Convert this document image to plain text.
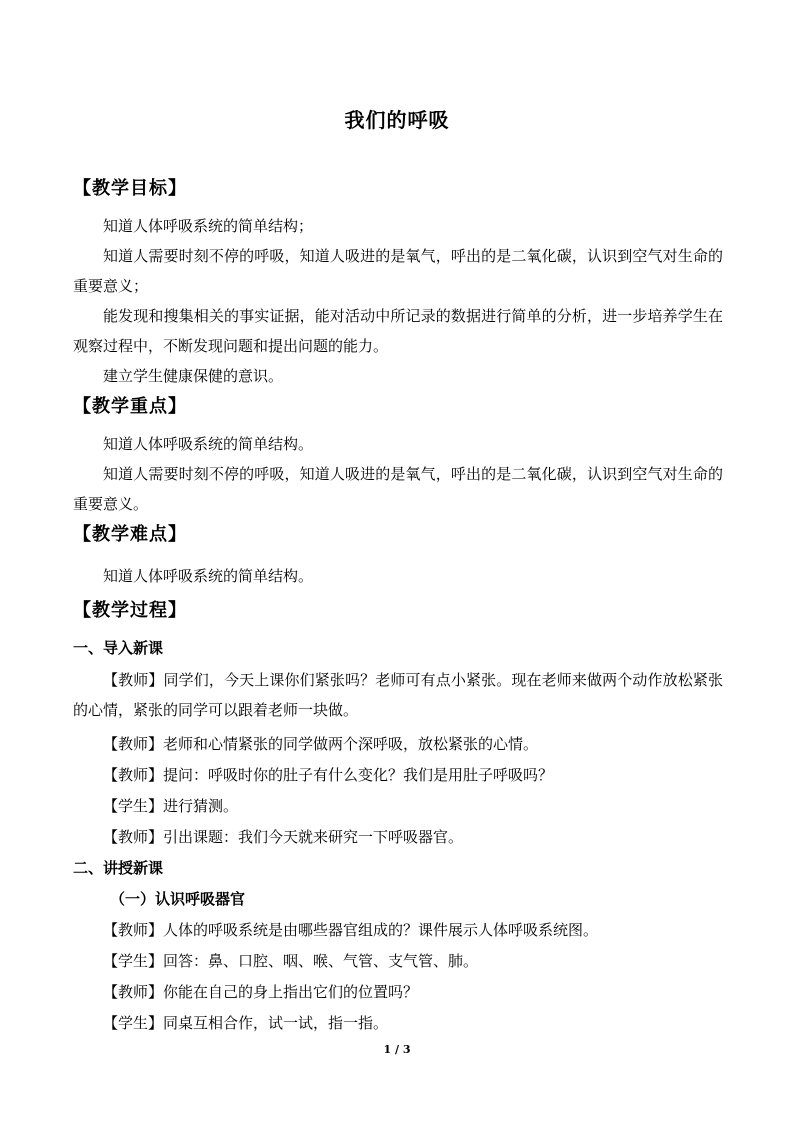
我们的呼吸
【教学目标】
知道人体呼吸系统的简单结构；
知道人需要时刻不停的呼吸，知道人吸进的是氧气，呼出的是二氧化碳，认识到空气对生命的重要意义；
能发现和搜集相关的事实证据，能对活动中所记录的数据进行简单的分析，进一步培养学生在观察过程中，不断发现问题和提出问题的能力。
建立学生健康保健的意识。
【教学重点】
知道人体呼吸系统的简单结构。
知道人需要时刻不停的呼吸，知道人吸进的是氧气，呼出的是二氧化碳，认识到空气对生命的重要意义。
【教学难点】
知道人体呼吸系统的简单结构。
【教学过程】
一、导入新课
【教师】同学们，今天上课你们紧张吗？老师可有点小紧张。现在老师来做两个动作放松紧张的心情，紧张的同学可以跟着老师一块做。
【教师】老师和心情紧张的同学做两个深呼吸，放松紧张的心情。
【教师】提问：呼吸时你的肚子有什么变化？我们是用肚子呼吸吗？
【学生】进行猜测。
【教师】引出课题：我们今天就来研究一下呼吸器官。
二、讲授新课
（一）认识呼吸器官
【教师】人体的呼吸系统是由哪些器官组成的？课件展示人体呼吸系统图。
【学生】回答：鼻、口腔、咽、喉、气管、支气管、肺。
【教师】你能在自己的身上指出它们的位置吗？
【学生】同桌互相合作，试一试，指一指。
1 / 3
